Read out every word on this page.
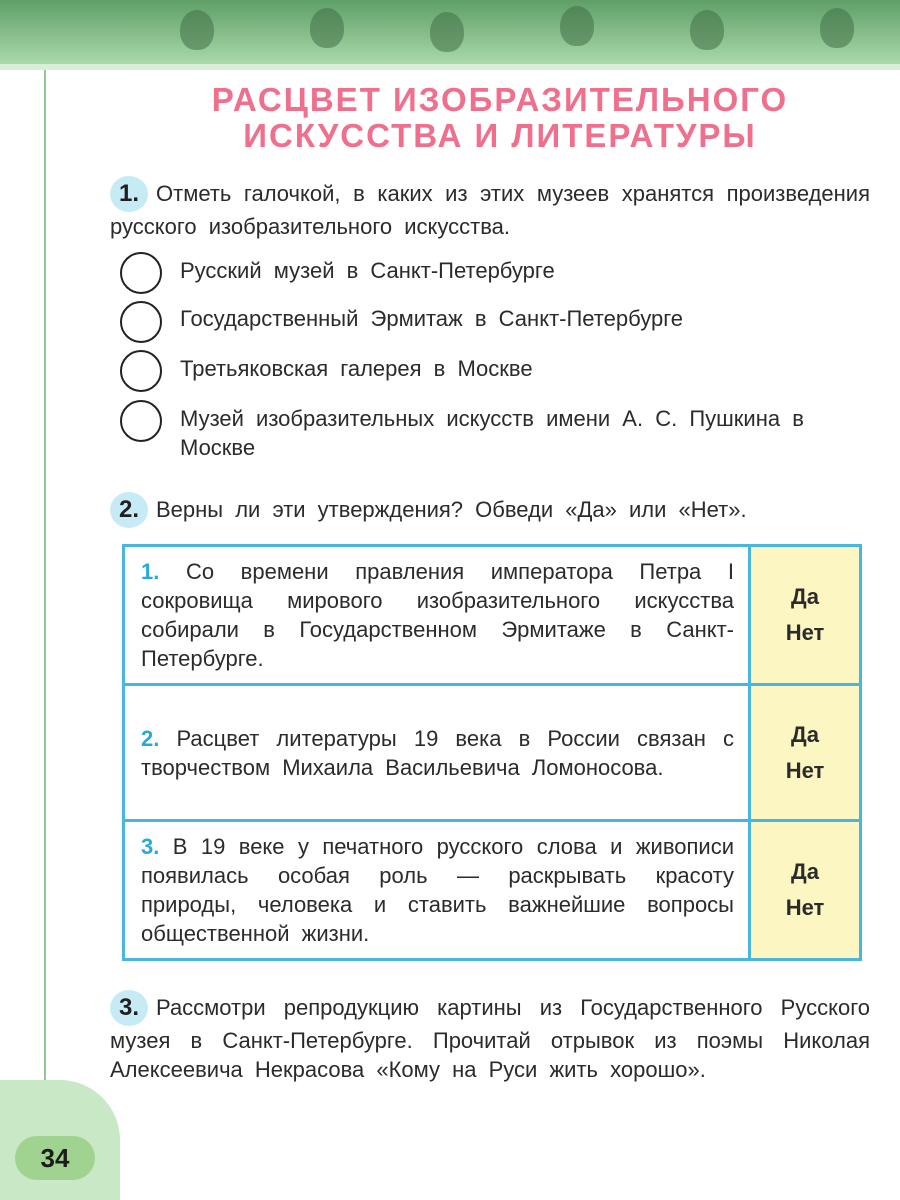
РАСЦВЕТ ИЗОБРАЗИТЕЛЬНОГО ИСКУССТВА И ЛИТЕРАТУРЫ
1. Отметь галочкой, в каких из этих музеев хранятся произведения русского изобразительного искусства.
Русский музей в Санкт-Петербурге
Государственный Эрмитаж в Санкт-Петербурге
Третьяковская галерея в Москве
Музей изобразительных искусств имени А. С. Пушкина в Москве
2. Верны ли эти утверждения? Обведи «Да» или «Нет».
1. Со времени правления императора Петра I сокровища мирового изобразительного искусства собирали в Государственном Эрмитаже в Санкт-Петербурге.	Да
Нет

2. Расцвет литературы 19 века в России связан с творчеством Михаила Васильевича Ломоносова.	Да
Нет

3. В 19 веке у печатного русского слова и живописи появилась особая роль — раскрывать красоту природы, человека и ставить важнейшие вопросы общественной жизни.	Да
Нет
3. Рассмотри репродукцию картины из Государственного Русского музея в Санкт-Петербурге. Прочитай отрывок из поэмы Николая Алексеевича Некрасова «Кому на Руси жить хорошо».
34
